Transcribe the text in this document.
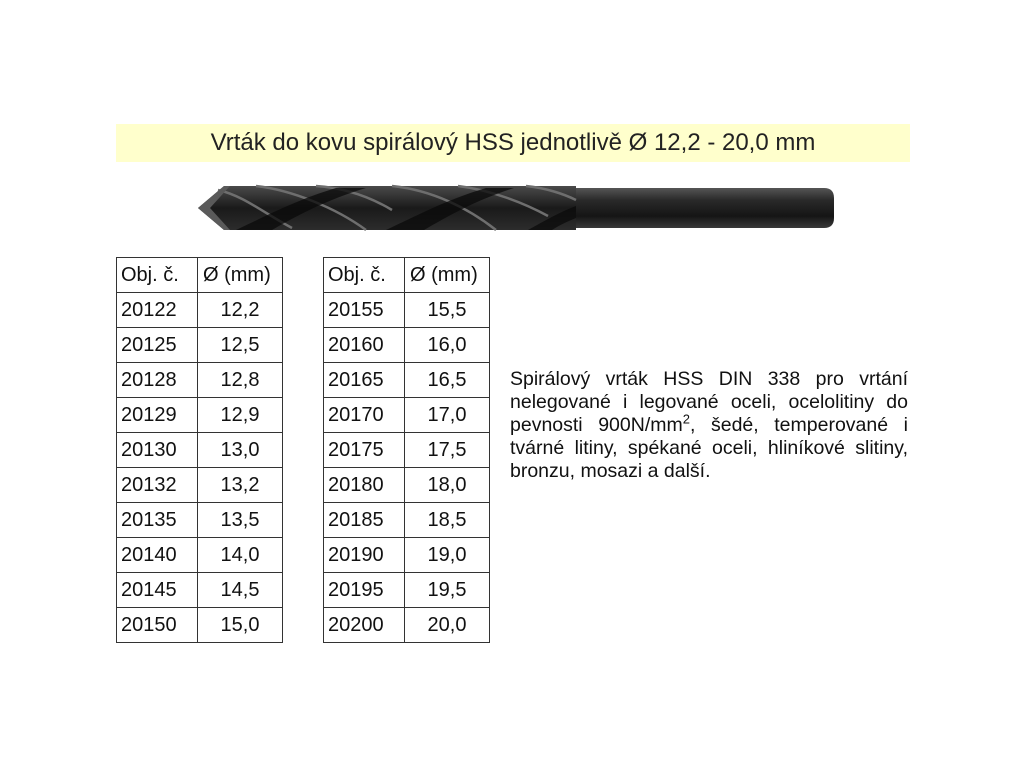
Vrták do kovu spirálový HSS jednotlivě Ø 12,2 - 20,0 mm
Obj. č.	Ø (mm)
20122	12,2
20125	12,5
20128	12,8
20129	12,9
20130	13,0
20132	13,2
20135	13,5
20140	14,0
20145	14,5
20150	15,0
Obj. č.	Ø (mm)
20155	15,5
20160	16,0
20165	16,5
20170	17,0
20175	17,5
20180	18,0
20185	18,5
20190	19,0
20195	19,5
20200	20,0

Spirálový vrták HSS DIN 338 pro vrtání nelegované i legované oceli, ocelolitiny do pevnosti $900N/mm^2$, šedé, temperované i tvárné litiny, spékané oceli, hliníkové slitiny, bronzu, mosazi a další.
